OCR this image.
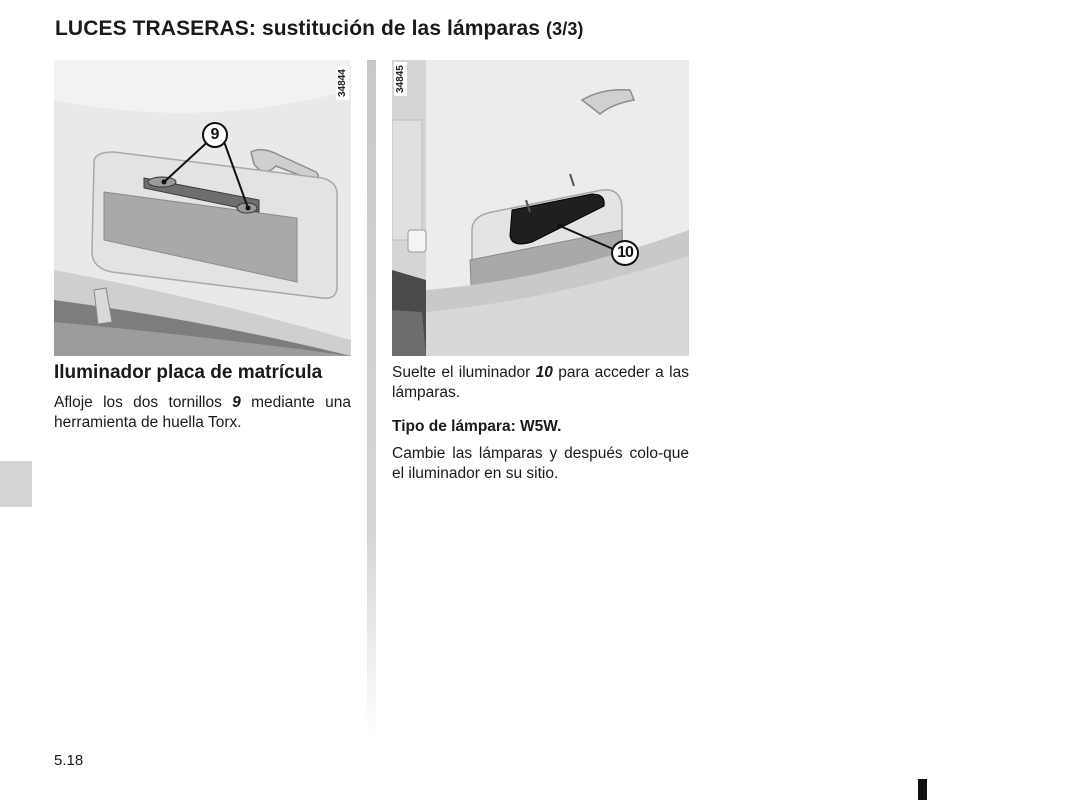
LUCES TRASERAS: sustitución de las lámparas (3/3)
34844
9
34845
10
Iluminador placa de matrícula

Afloje los dos tornillos 9 mediante una herramienta de huella Torx.

Suelte el iluminador 10 para acceder a las lámparas.

Tipo de lámpara: W5W.

Cambie las lámparas y después colo-que el iluminador en su sitio.

5.18
